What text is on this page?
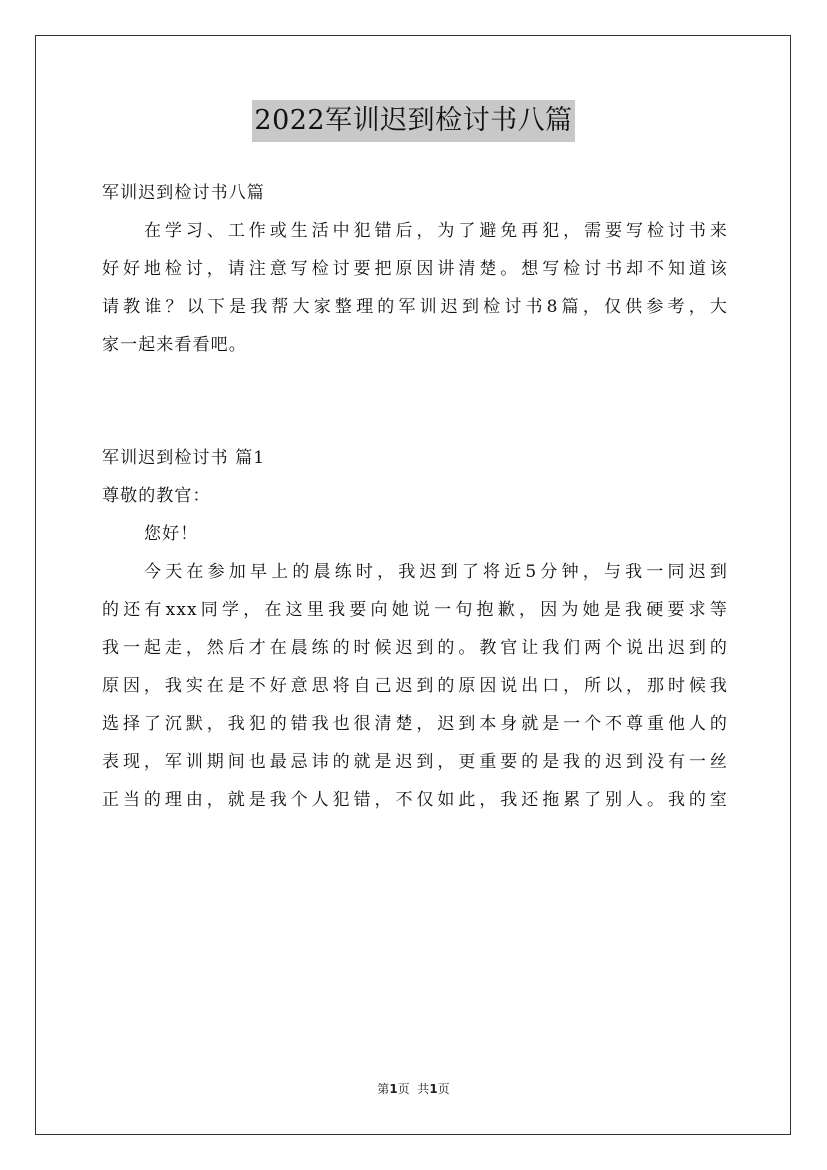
2022军训迟到检讨书八篇
军训迟到检讨书八篇
在学习、工作或生活中犯错后，为了避免再犯，需要写检讨书来
好好地检讨，请注意写检讨要把原因讲清楚。想写检讨书却不知道该
请教谁？以下是我帮大家整理的军训迟到检讨书8篇，仅供参考，大
家一起来看看吧。
军训迟到检讨书 篇1
尊敬的教官：
您好！
今天在参加早上的晨练时，我迟到了将近5分钟，与我一同迟到
的还有xxx同学，在这里我要向她说一句抱歉，因为她是我硬要求等
我一起走，然后才在晨练的时候迟到的。教官让我们两个说出迟到的
原因，我实在是不好意思将自己迟到的原因说出口，所以，那时候我
选择了沉默，我犯的错我也很清楚，迟到本身就是一个不尊重他人的
表现，军训期间也最忌讳的就是迟到，更重要的是我的迟到没有一丝
正当的理由，就是我个人犯错，不仅如此，我还拖累了别人。我的室
第1页  共1页
